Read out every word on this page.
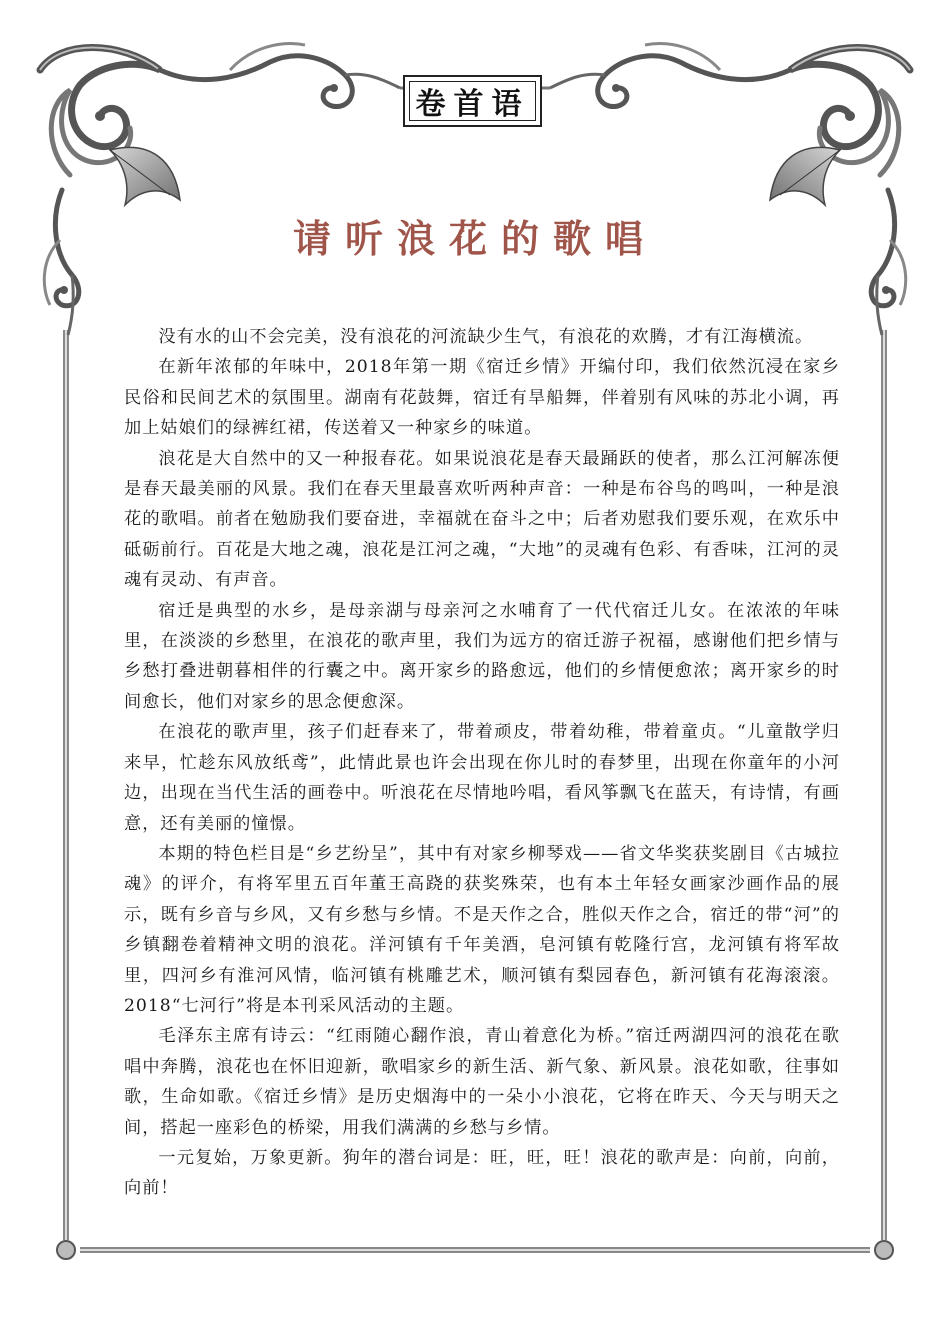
卷首语
请听浪花的歌唱

没有水的山不会完美，没有浪花的河流缺少生气，有浪花的欢腾，才有江海横流。

在新年浓郁的年味中，2018年第一期《宿迁乡情》开编付印，我们依然沉浸在家乡民俗和民间艺术的氛围里。湖南有花鼓舞，宿迁有旱船舞，伴着别有风味的苏北小调，再加上姑娘们的绿裤红裙，传送着又一种家乡的味道。

浪花是大自然中的又一种报春花。如果说浪花是春天最踊跃的使者，那么江河解冻便是春天最美丽的风景。我们在春天里最喜欢听两种声音：一种是布谷鸟的鸣叫，一种是浪花的歌唱。前者在勉励我们要奋进，幸福就在奋斗之中；后者劝慰我们要乐观，在欢乐中砥砺前行。百花是大地之魂，浪花是江河之魂，“大地”的灵魂有色彩、有香味，江河的灵魂有灵动、有声音。

宿迁是典型的水乡，是母亲湖与母亲河之水哺育了一代代宿迁儿女。在浓浓的年味里，在淡淡的乡愁里，在浪花的歌声里，我们为远方的宿迁游子祝福，感谢他们把乡情与乡愁打叠进朝暮相伴的行囊之中。离开家乡的路愈远，他们的乡情便愈浓；离开家乡的时间愈长，他们对家乡的思念便愈深。

在浪花的歌声里，孩子们赶春来了，带着顽皮，带着幼稚，带着童贞。“儿童散学归来早，忙趁东风放纸鸢”，此情此景也许会出现在你儿时的春梦里，出现在你童年的小河边，出现在当代生活的画卷中。听浪花在尽情地吟唱，看风筝飘飞在蓝天，有诗情，有画意，还有美丽的憧憬。

本期的特色栏目是“乡艺纷呈”，其中有对家乡柳琴戏——省文华奖获奖剧目《古城拉魂》的评介，有将军里五百年董王高跷的获奖殊荣，也有本土年轻女画家沙画作品的展示，既有乡音与乡风，又有乡愁与乡情。不是天作之合，胜似天作之合，宿迁的带“河”的乡镇翻卷着精神文明的浪花。洋河镇有千年美酒，皂河镇有乾隆行宫，龙河镇有将军故里，四河乡有淮河风情，临河镇有桃雕艺术，顺河镇有梨园春色，新河镇有花海滚滚。2018“七河行”将是本刊采风活动的主题。

毛泽东主席有诗云：“红雨随心翻作浪，青山着意化为桥。”宿迁两湖四河的浪花在歌唱中奔腾，浪花也在怀旧迎新，歌唱家乡的新生活、新气象、新风景。浪花如歌，往事如歌，生命如歌。《宿迁乡情》是历史烟海中的一朵小小浪花，它将在昨天、今天与明天之间，搭起一座彩色的桥梁，用我们满满的乡愁与乡情。

一元复始，万象更新。狗年的潜台词是：旺，旺，旺！浪花的歌声是：向前，向前，向前！
